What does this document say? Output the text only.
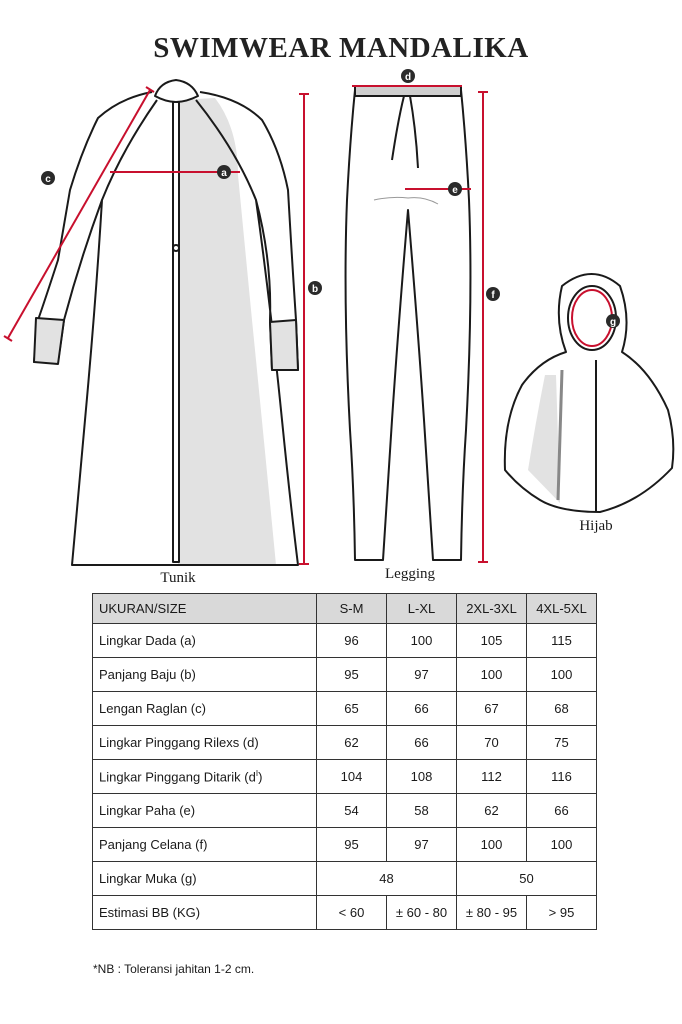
SWIMWEAR MANDALIKA
a
b
c
d
e
f
g
Tunik	Legging
Hijab
UKURAN/SIZE	S-M	L-XL	2XL-3XL	4XL-5XL
Lingkar Dada (a)	96	100	105	115
Panjang Baju (b)	95	97	100	100
Lengan Raglan (c)	65	66	67	68
Lingkar Pinggang Rilexs (d)	62	66	70	75
Lingkar Pinggang Ditarik $(d^I)$	104	108	112	116
Lingkar Paha (e)	54	58	62	66
Panjang Celana (f)	95	97	100	100
Lingkar Muka (g)	48		50	
Estimasi BB (KG)	< 60	± 60 - 80	± 80 - 95	> 95
*NB : Toleransi jahitan 1-2 cm.
